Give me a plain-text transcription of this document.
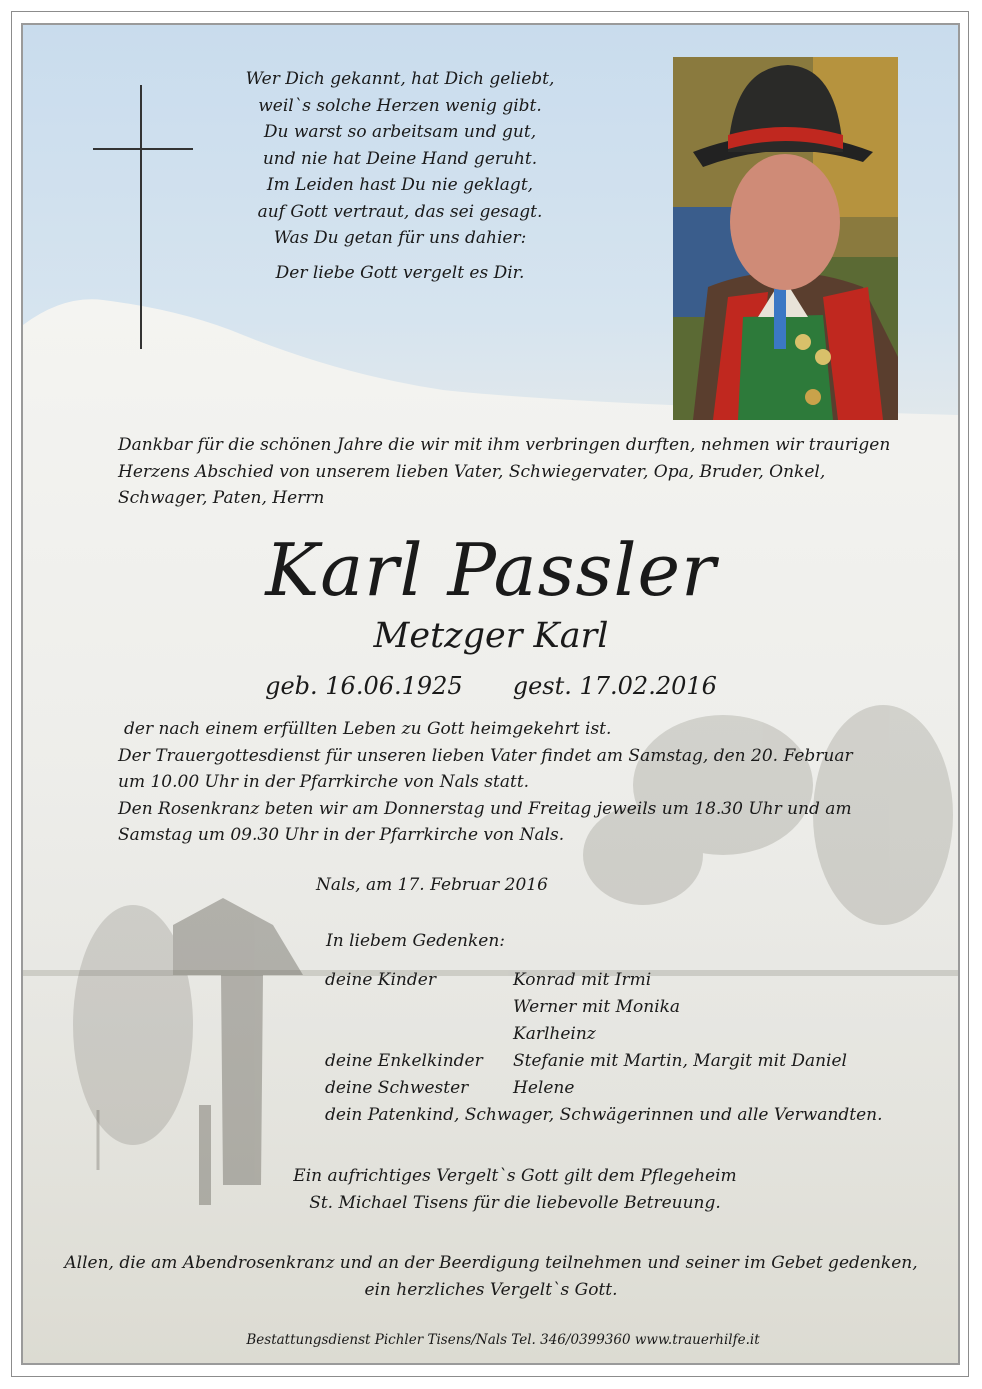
Wer Dich gekannt, hat Dich geliebt,
weil`s solche Herzen wenig gibt.
Du warst so arbeitsam und gut,
und nie hat Deine Hand geruht.
Im Leiden hast Du nie geklagt,
auf Gott vertraut, das sei gesagt.
Was Du getan für uns dahier:
Der liebe Gott vergelt es Dir.
Dankbar für die schönen Jahre die wir mit ihm verbringen durften, nehmen wir traurigen
Herzens Abschied von unserem lieben Vater, Schwiegervater, Opa, Bruder, Onkel,
Schwager, Paten, Herrn
Karl Passler
Metzger Karl
geb. 16.06.1925 gest. 17.02.2016
der nach einem erfüllten Leben zu Gott heimgekehrt ist.
Der Trauergottesdienst für unseren lieben Vater findet am Samstag, den 20. Februar
um 10.00 Uhr in der Pfarrkirche von Nals statt.
Den Rosenkranz beten wir am Donnerstag und Freitag jeweils um 18.30 Uhr und am
Samstag um 09.30 Uhr in der Pfarrkirche von Nals.
Nals, am 17. Februar 2016
In liebem Gedenken:
deine Kinder	Konrad mit Irmi
Werner mit Monika
Karlheinz
deine Enkelkinder Stefanie mit Martin, Margit mit Daniel
deine Schwester	Helene
dein Patenkind, Schwager, Schwägerinnen und alle Verwandten.
Ein aufrichtiges Vergelt`s Gott gilt dem Pflegeheim
St. Michael Tisens für die liebevolle Betreuung.
Allen, die am Abendrosenkranz und an der Beerdigung teilnehmen und seiner im Gebet gedenken,
ein herzliches Vergelt`s Gott.
Bestattungsdienst Pichler Tisens/Nals Tel. 346/0399360 www.trauerhilfe.it
